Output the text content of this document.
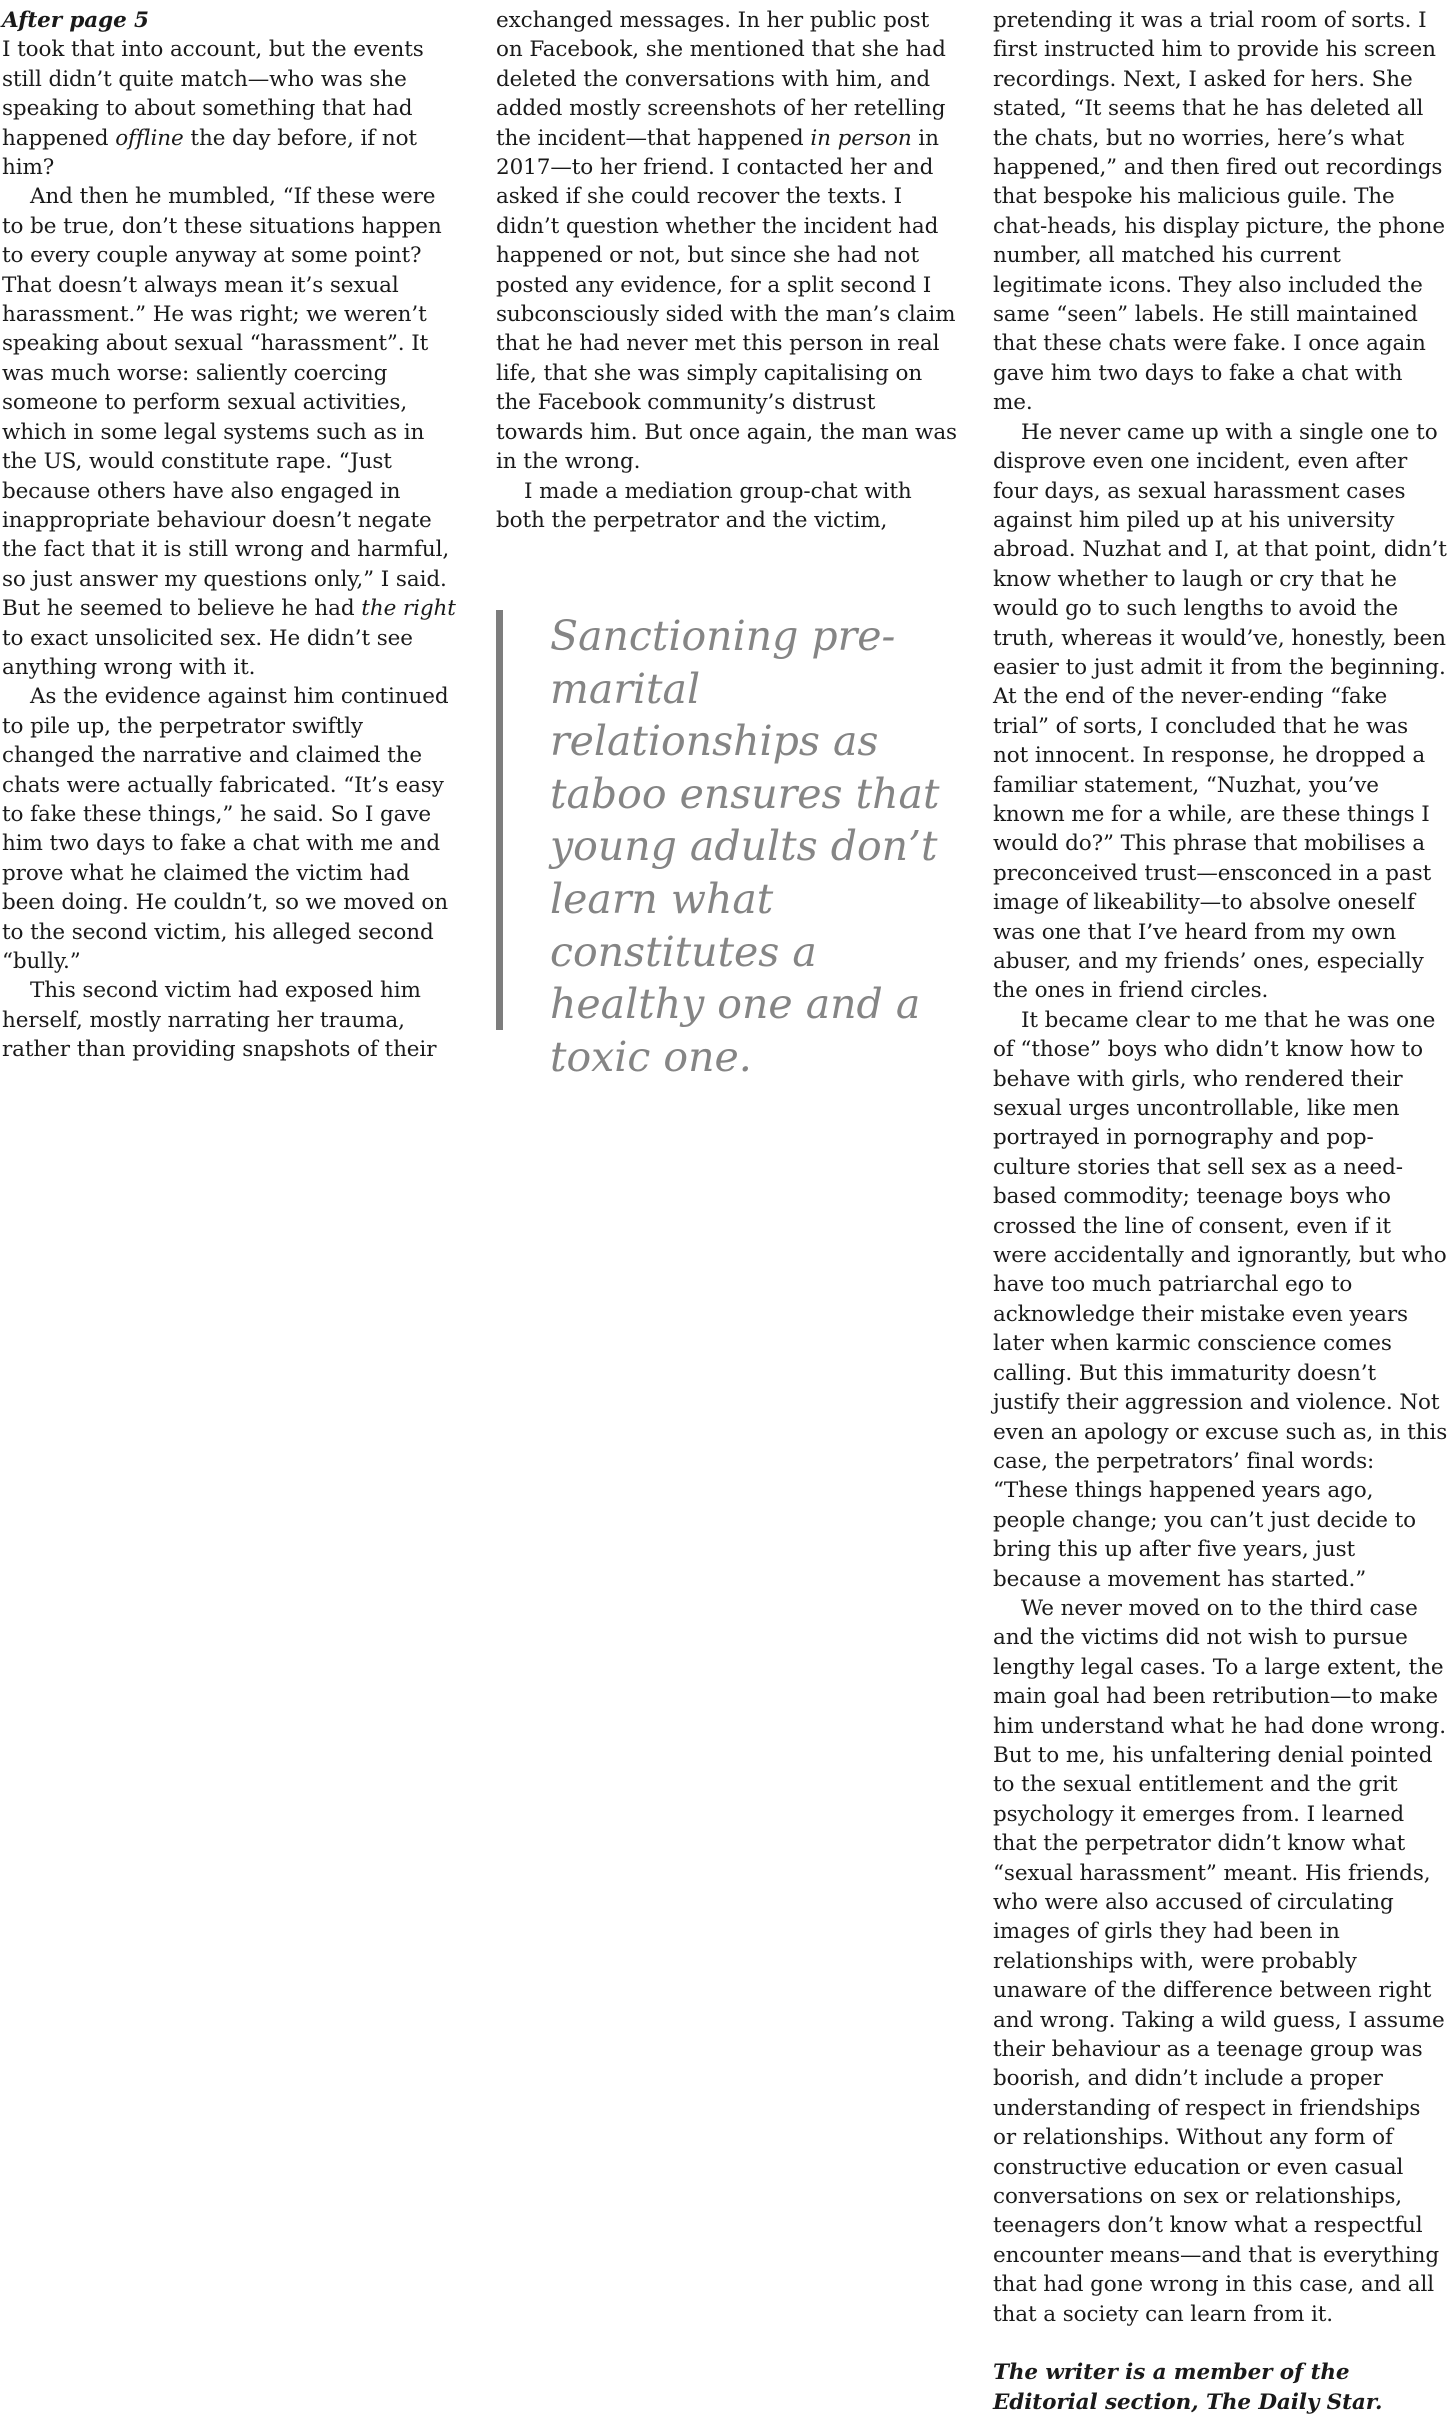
After page 5

I took that into account, but the events still didn’t quite match—who was she speaking to about something that had happened offline the day before, if not him?

And then he mumbled, “If these were to be true, don’t these situations happen to every couple anyway at some point? That doesn’t always mean it’s sexual harassment.” He was right; we weren’t speaking about sexual “harassment”. It was much worse: saliently coercing someone to perform sexual activities, which in some legal systems such as in the US, would constitute rape. “Just because others have also engaged in inappropriate behaviour doesn’t negate the fact that it is still wrong and harmful, so just answer my questions only,” I said. But he seemed to believe he had the right to exact unsolicited sex. He didn’t see anything wrong with it.

As the evidence against him continued to pile up, the perpetrator swiftly changed the narrative and claimed the chats were actually fabricated. “It’s easy to fake these things,” he said. So I gave him two days to fake a chat with me and prove what he claimed the victim had been doing. He couldn’t, so we moved on to the second victim, his alleged second “bully.”

This second victim had exposed him herself, mostly narrating her trauma, rather than providing snapshots of their

exchanged messages. In her public post on Facebook, she mentioned that she had deleted the conversations with him, and added mostly screenshots of her retelling the incident—that happened in person in 2017—to her friend. I contacted her and asked if she could recover the texts. I didn’t question whether the incident had happened or not, but since she had not posted any evidence, for a split second I subconsciously sided with the man’s claim that he had never met this person in real life, that she was simply capitalising on the Facebook community’s distrust towards him. But once again, the man was in the wrong.

I made a mediation group-chat with both the perpetrator and the victim,

Sanctioning pre-marital relationships as taboo ensures that young adults don’t learn what constitutes a healthy one and a toxic one.

pretending it was a trial room of sorts. I first instructed him to provide his screen recordings. Next, I asked for hers. She stated, “It seems that he has deleted all the chats, but no worries, here’s what happened,” and then fired out recordings that bespoke his malicious guile. The chat-heads, his display picture, the phone number, all matched his current legitimate icons. They also included the same “seen” labels. He still maintained that these chats were fake. I once again gave him two days to fake a chat with me.

He never came up with a single one to disprove even one incident, even after four days, as sexual harassment cases against him piled up at his university abroad. Nuzhat and I, at that point, didn’t know whether to laugh or cry that he would go to such lengths to avoid the truth, whereas it would’ve, honestly, been easier to just admit it from the beginning. At the end of the never-ending “fake trial” of sorts, I concluded that he was not innocent. In response, he dropped a familiar statement, “Nuzhat, you’ve known me for a while, are these things I would do?” This phrase that mobilises a preconceived trust—ensconced in a past image of likeability—to absolve oneself was one that I’ve heard from my own abuser, and my friends’ ones, especially the ones in friend circles.

It became clear to me that he was one of “those” boys who didn’t know how to behave with girls, who rendered their sexual urges uncontrollable, like men portrayed in pornography and pop-culture stories that sell sex as a need-based commodity; teenage boys who crossed the line of consent, even if it were accidentally and ignorantly, but who have too much patriarchal ego to acknowledge their mistake even years later when karmic conscience comes calling. But this immaturity doesn’t justify their aggression and violence. Not even an apology or excuse such as, in this case, the perpetrators’ final words: “These things happened years ago, people change; you can’t just decide to bring this up after five years, just because a movement has started.”

We never moved on to the third case and the victims did not wish to pursue lengthy legal cases. To a large extent, the main goal had been retribution—to make him understand what he had done wrong. But to me, his unfaltering denial pointed to the sexual entitlement and the grit psychology it emerges from. I learned that the perpetrator didn’t know what “sexual harassment” meant. His friends, who were also accused of circulating images of girls they had been in relationships with, were probably unaware of the difference between right and wrong. Taking a wild guess, I assume their behaviour as a teenage group was boorish, and didn’t include a proper understanding of respect in friendships or relationships. Without any form of constructive education or even casual conversations on sex or relationships, teenagers don’t know what a respectful encounter means—and that is everything that had gone wrong in this case, and all that a society can learn from it.

The writer is a member of the Editorial section, The Daily Star.
